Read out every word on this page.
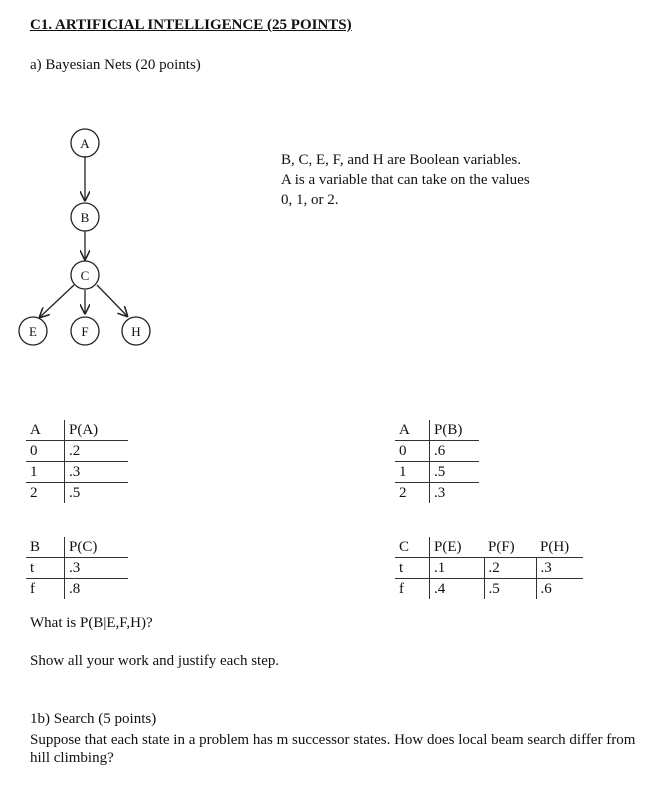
C1. ARTIFICIAL INTELLIGENCE (25 POINTS)
a) Bayesian Nets (20 points)
A
B
C
E	F	H
B, C, E, F, and H are Boolean variables.
A is a variable that can take on the values
0, 1, or 2.
A	P(A)
0	.2
1	.3
2	.5
A	P(B)
0	.6
1	.5
2	.3
B	P(C)
t	.3
f	.8
C	P(E)	P(F)	P(H)
t	.1	.2	.3
f	.4	.5	.6
What is P(B|E,F,H)?
Show all your work and justify each step.
1b) Search (5 points)
Suppose that each state in a problem has m successor states. How does local beam search differ from hill climbing?
